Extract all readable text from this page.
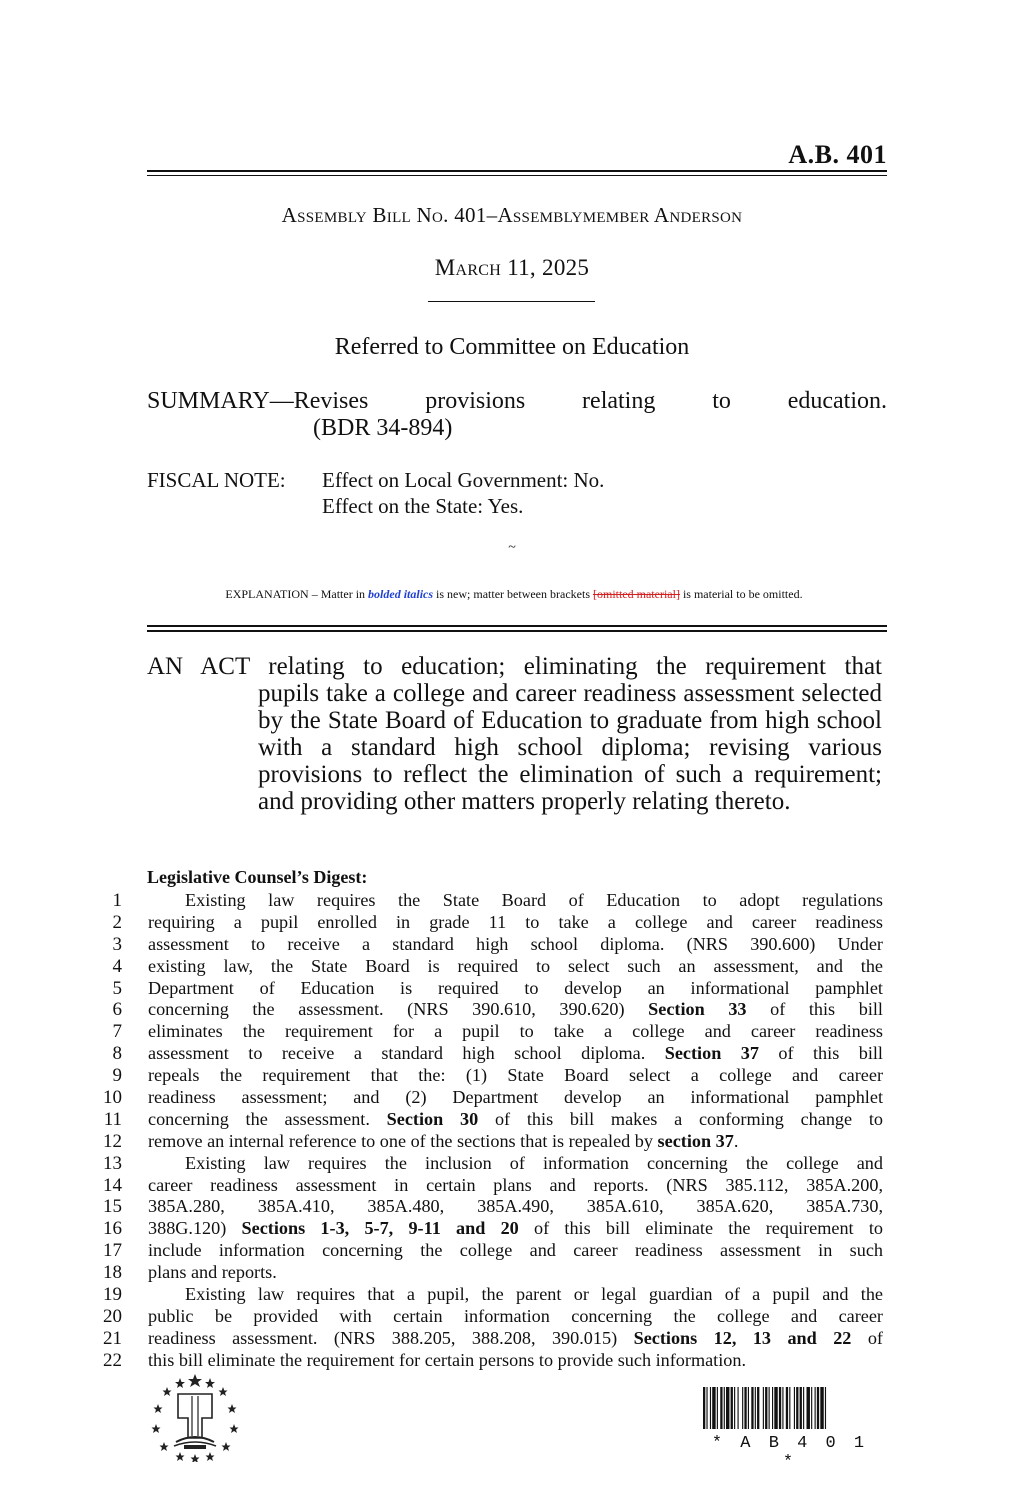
A.B. 401
Assembly Bill No. 401–Assemblymember Anderson
March 11, 2025
Referred to Committee on Education
SUMMARY—Revises provisions relating to education.
(BDR 34-894)
FISCAL NOTE: Effect on Local Government: No.
Effect on the State: Yes.
~
EXPLANATION – Matter in bolded italics is new; matter between brackets [omitted material] is material to be omitted.
AN ACT relating to education; eliminating the requirement that
pupils take a college and career readiness assessment selected by the State Board of Education to graduate from high school with a standard high school diploma; revising various provisions to reflect the elimination of such a requirement; and providing other matters properly relating thereto.
Legislative Counsel’s Digest:
1	Existing law requires the State Board of Education to adopt regulations
2 requiring a pupil enrolled in grade 11 to take a college and career readiness
3 assessment to receive a standard high school diploma. (NRS 390.600) Under
4 existing law, the State Board is required to select such an assessment, and the
5 Department of Education is required to develop an informational pamphlet
6 concerning the assessment. (NRS 390.610, 390.620) Section 33 of this bill
7 eliminates the requirement for a pupil to take a college and career readiness
8 assessment to receive a standard high school diploma. Section 37 of this bill
9 repeals the requirement that the: (1) State Board select a college and career
10 readiness assessment; and (2) Department develop an informational pamphlet
11 concerning the assessment. Section 30 of this bill makes a conforming change to
12 remove an internal reference to one of the sections that is repealed by section 37.
13	Existing law requires the inclusion of information concerning the college and
14 career readiness assessment in certain plans and reports. (NRS 385.112, 385A.200,
15 385A.280, 385A.410, 385A.480, 385A.490, 385A.610, 385A.620, 385A.730,
16 388G.120) Sections 1-3, 5-7, 9-11 and 20 of this bill eliminate the requirement to
17 include information concerning the college and career readiness assessment in such
18 plans and reports.
19	Existing law requires that a pupil, the parent or legal guardian of a pupil and the
20 public be provided with certain information concerning the college and career
21 readiness assessment. (NRS 388.205, 388.208, 390.015) Sections 12, 13 and 22 of
22 this bill eliminate the requirement for certain persons to provide such information.
* A B 4 0 1 *
